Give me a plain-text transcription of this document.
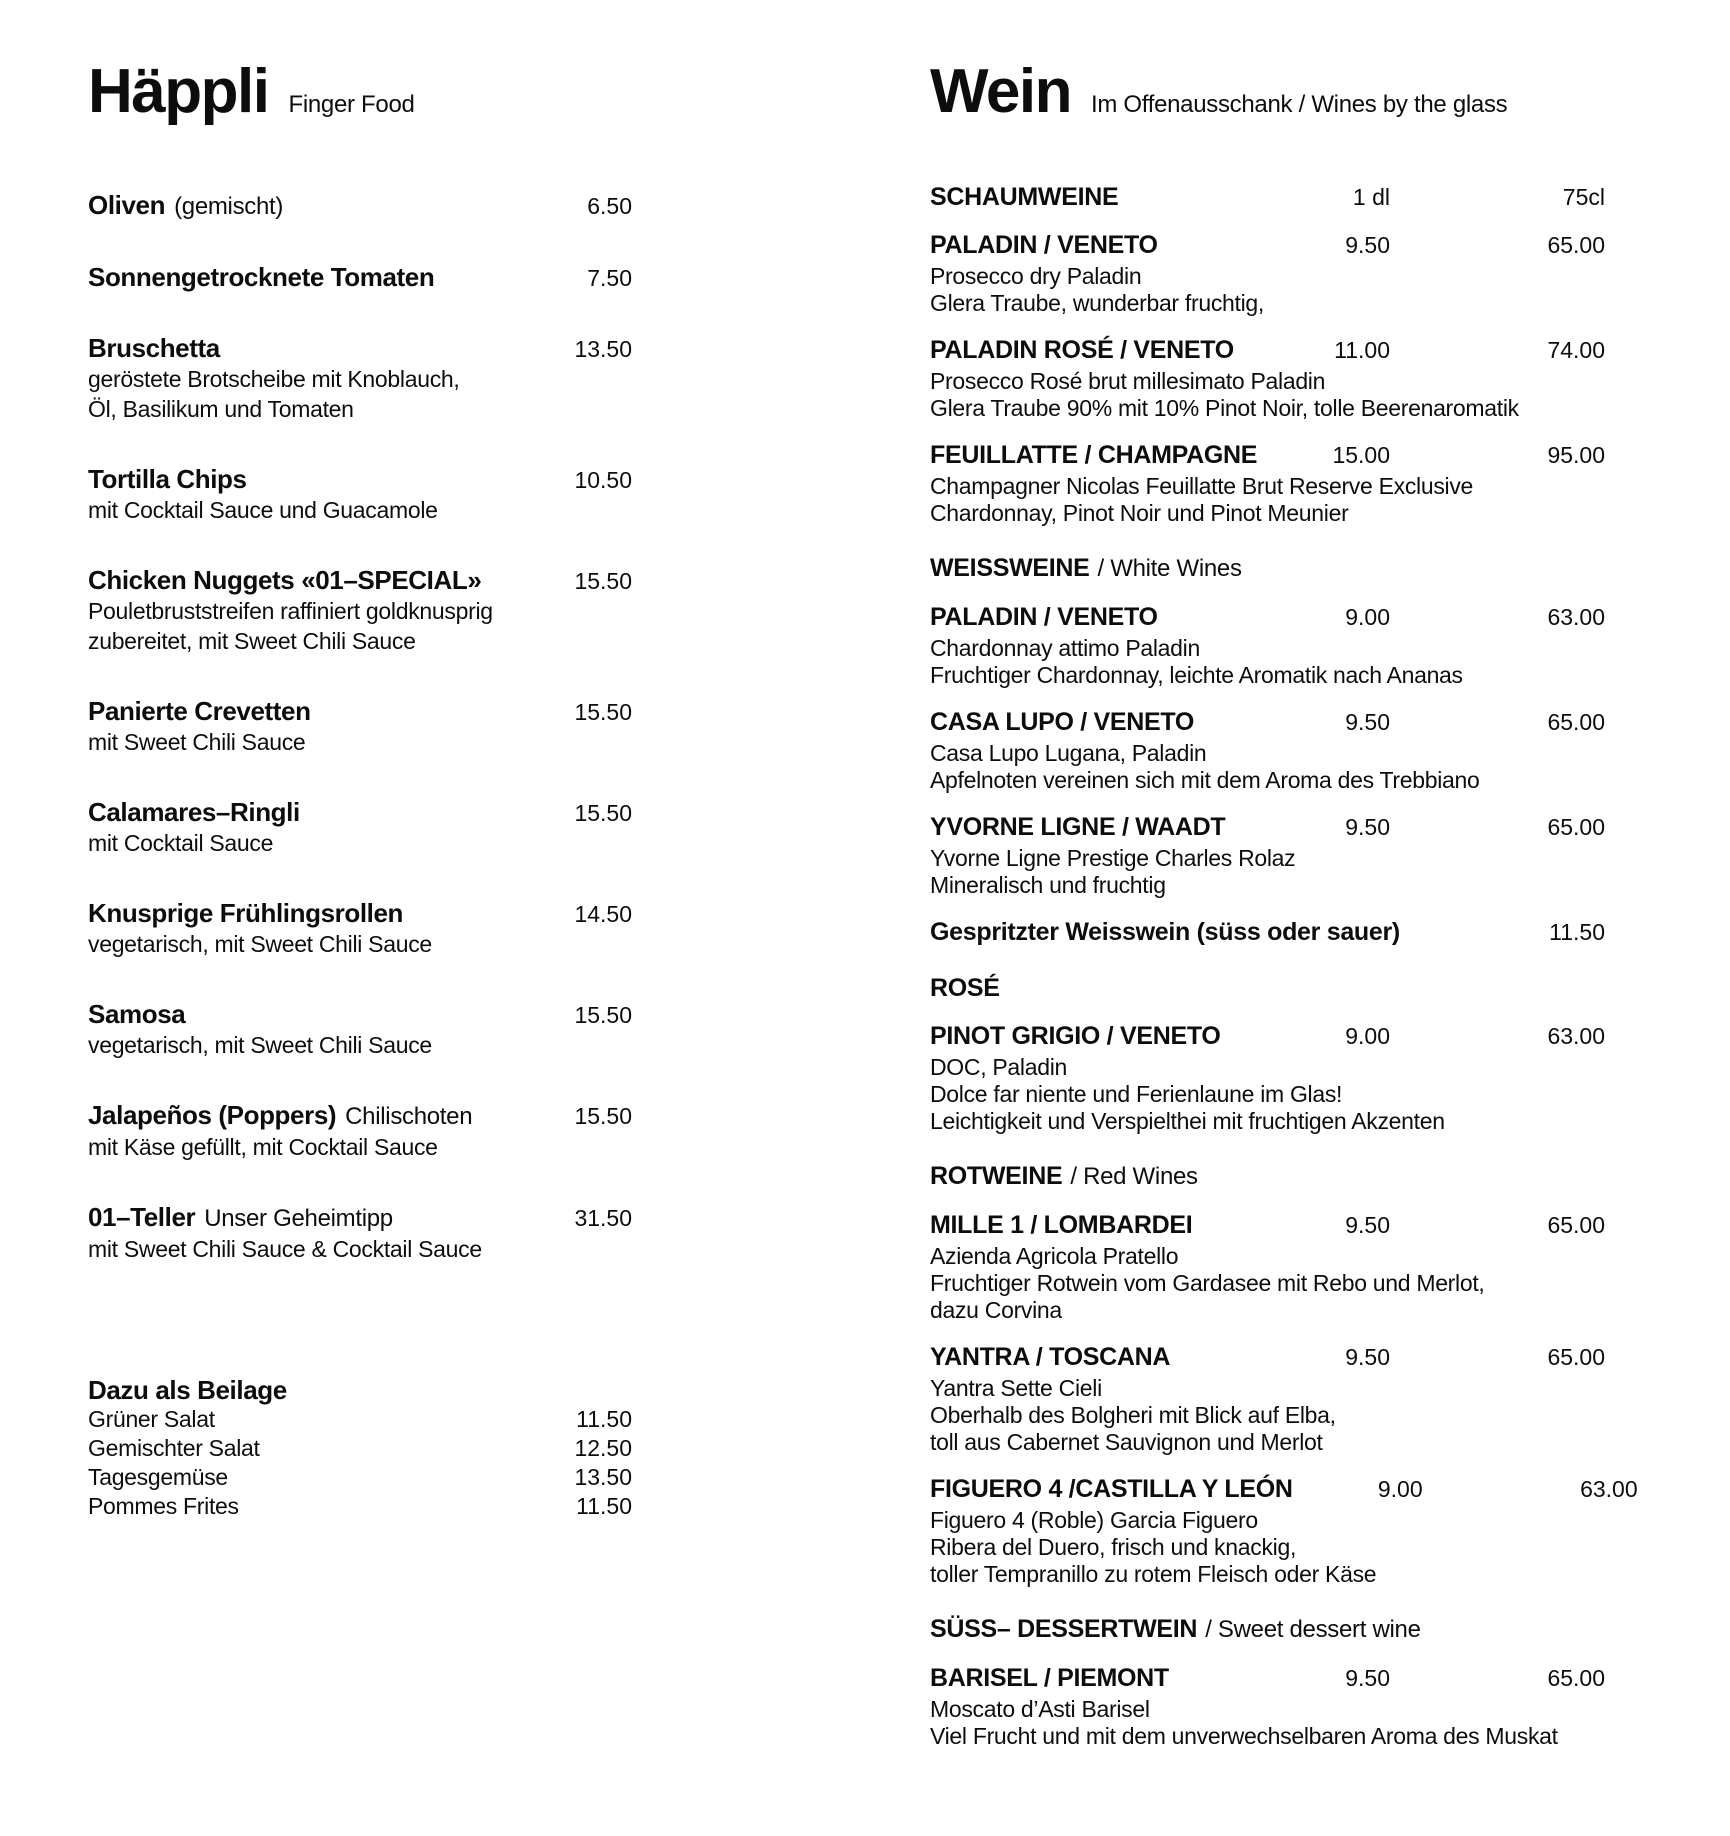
Häppli Finger Food
Oliven (gemischt)	6.50
Sonnengetrocknete Tomaten	7.50
Bruschetta	13.50
geröstete Brotscheibe mit Knoblauch,
Öl, Basilikum und Tomaten
Tortilla Chips	10.50
mit Cocktail Sauce und Guacamole
Chicken Nuggets «01–SPECIAL»	15.50
Pouletbruststreifen raffiniert goldknusprig
zubereitet, mit Sweet Chili Sauce
Panierte Crevetten	15.50
mit Sweet Chili Sauce
Calamares–Ringli	15.50
mit Cocktail Sauce
Knusprige Frühlingsrollen	14.50
vegetarisch, mit Sweet Chili Sauce
Samosa	15.50
vegetarisch, mit Sweet Chili Sauce
Jalapeños (Poppers) Chilischoten	15.50
mit Käse gefüllt, mit Cocktail Sauce
01–Teller Unser Geheimtipp	31.50
mit Sweet Chili Sauce & Cocktail Sauce
Dazu als Beilage
Grüner Salat	11.50
Gemischter Salat	12.50
Tagesgemüse	13.50
Pommes Frites	11.50
Wein Im Offenausschank / Wines by the glass
SCHAUMWEINE	1 dl	75cl
PALADIN / VENETO	9.50	65.00
Prosecco dry Paladin
Glera Traube, wunderbar fruchtig,
PALADIN ROSÉ / VENETO	11.00	74.00
Prosecco Rosé brut millesimato Paladin
Glera Traube 90% mit 10% Pinot Noir, tolle Beerenaromatik
FEUILLATTE / CHAMPAGNE	15.00	95.00
Champagner Nicolas Feuillatte Brut Reserve Exclusive
Chardonnay, Pinot Noir und Pinot Meunier
WEISSWEINE / White Wines
PALADIN / VENETO	9.00	63.00
Chardonnay attimo Paladin
Fruchtiger Chardonnay, leichte Aromatik nach Ananas
CASA LUPO / VENETO	9.50	65.00
Casa Lupo Lugana, Paladin
Apfelnoten vereinen sich mit dem Aroma des Trebbiano
YVORNE LIGNE / WAADT	9.50	65.00
Yvorne Ligne Prestige Charles Rolaz
Mineralisch und fruchtig
Gespritzter Weisswein (süss oder sauer)	11.50
ROSÉ
PINOT GRIGIO / VENETO	9.00	63.00
DOC, Paladin
Dolce far niente und Ferienlaune im Glas!
Leichtigkeit und Verspielthei mit fruchtigen Akzenten
ROTWEINE / Red Wines
MILLE 1 / LOMBARDEI	9.50	65.00
Azienda Agricola Pratello
Fruchtiger Rotwein vom Gardasee mit Rebo und Merlot,
dazu Corvina
YANTRA / TOSCANA	9.50	65.00
Yantra Sette Cieli
Oberhalb des Bolgheri mit Blick auf Elba,
toll aus Cabernet Sauvignon und Merlot
FIGUERO 4 /CASTILLA Y LEÓN	9.00	63.00
Figuero 4 (Roble) Garcia Figuero
Ribera del Duero, frisch und knackig,
toller Tempranillo zu rotem Fleisch oder Käse
SÜSS– DESSERTWEIN / Sweet dessert wine
BARISEL / PIEMONT	9.50	65.00
Moscato d’Asti Barisel
Viel Frucht und mit dem unverwechselbaren Aroma des Muskat
